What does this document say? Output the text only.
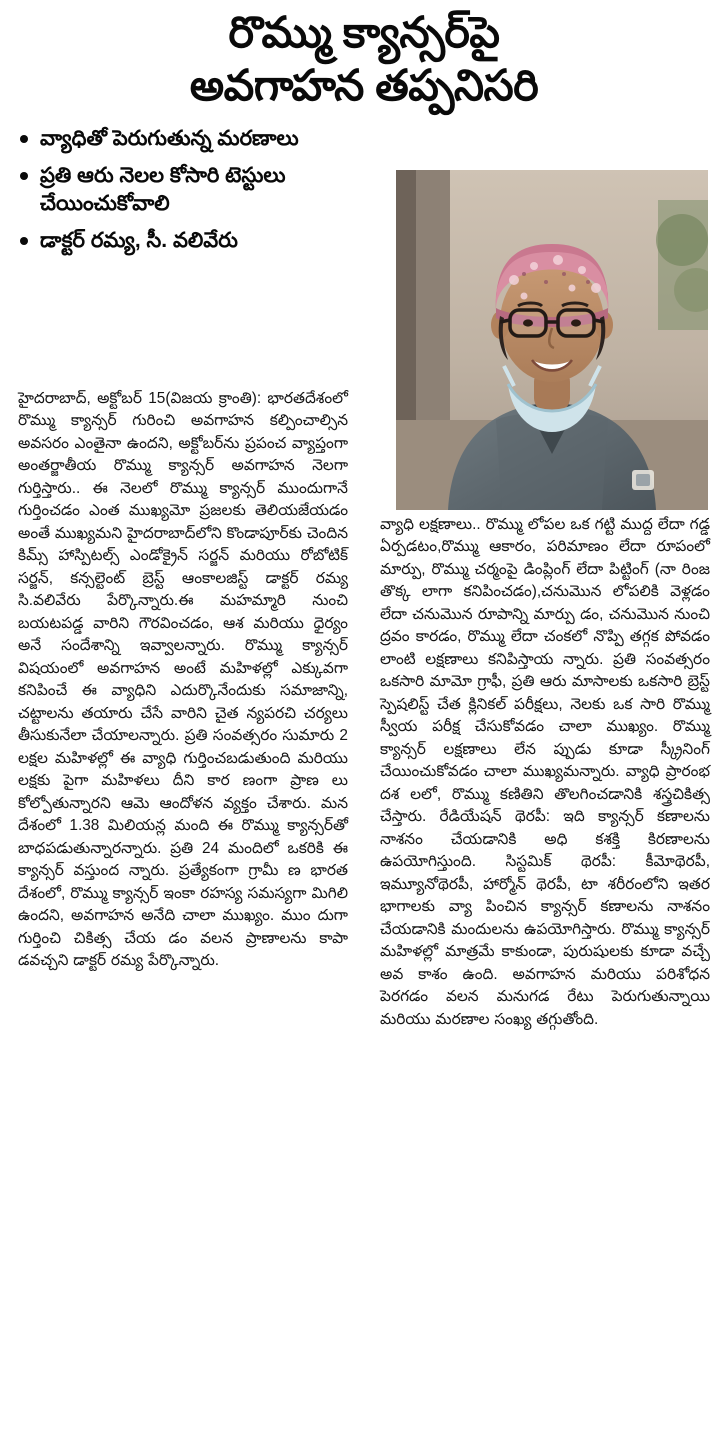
రొమ్ము క్యాన్సర్‌పై
అవగాహన తప్పనిసరి
వ్యాధితో పెరుగుతున్న మరణాలు
ప్రతి ఆరు నెలల కోసారి టెస్టులు చేయించుకోవాలి
డాక్టర్ రమ్య, సీ. వలివేరు

హైదరాబాద్, అక్టోబర్ 15(విజయ క్రాంతి): భారతదేశంలో రొమ్ము క్యాన్సర్ గురించి అవగాహన కల్పించాల్సిన అవసరం ఎంతైనా ఉందని, అక్టోబర్‌ను ప్రపంచ వ్యాప్తంగా అంతర్జాతీయ రొమ్ము క్యాన్సర్ అవగాహన నెలగా గుర్తిస్తారు.. ఈ నెలలో రొమ్ము క్యాన్సర్ ముందుగానే గుర్తించడం ఎంత ముఖ్యమో ప్రజలకు తెలియజేయడం అంతే ముఖ్యమని హైదరాబాద్‌లోని కొండాపూర్‌కు చెందిన కిమ్స్ హాస్పిటల్స్ ఎండోక్రైన్ సర్జన్ మరియు రోబోటిక్ సర్జన్, కన్సల్టెంట్ బ్రెస్ట్ ఆంకాలజిస్ట్ డాక్టర్ రమ్య సి.వలివేరు పేర్కొన్నారు.ఈ మహమ్మారి నుంచి బయటపడ్డ వారిని గౌరవించడం, ఆశ మరియు ధైర్యం అనే సందేశాన్ని ఇవ్వాలన్నారు. రొమ్ము క్యాన్సర్ విషయంలో అవగాహన అంటే మహిళల్లో ఎక్కువగా కనిపించే ఈ వ్యాధిని ఎదుర్కొనేందుకు సమాజాన్ని, చట్టాలను తయారు చేసే వారిని చైత న్యపరచి చర్యలు తీసుకునేలా చేయాలన్నారు. ప్రతి సంవత్సరం సుమారు 2 లక్షల మహిళల్లో ఈ వ్యాధి గుర్తించబడుతుంది మరియు లక్షకు పైగా మహిళలు దీని కార ణంగా ప్రాణ లు కోల్పోతున్నారని ఆమె ఆందోళన వ్యక్తం చేశారు. మన దేశంలో 1.38 మిలియన్ల మంది ఈ రొమ్ము క్యాన్సర్‌తో బాధపడుతున్నారన్నారు. ప్రతి 24 మందిలో ఒకరికి ఈ క్యాన్సర్ వస్తుంద న్నారు. ప్రత్యేకంగా గ్రామీ ణ భారత దేశంలో, రొమ్ము క్యాన్సర్ ఇంకా రహస్య సమస్యగా మిగిలి ఉందని, అవగాహన అనేది చాలా ముఖ్యం. ముం దుగా గుర్తించి చికిత్స చేయ డం వలన ప్రాణాలను కాపా డవచ్చని డాక్టర్ రమ్య పేర్కొన్నారు.

వ్యాధి లక్షణాలు.. రొమ్ము లోపల ఒక గట్టి ముద్ద లేదా గడ్డ ఏర్పడటం,రొమ్ము ఆకారం, పరిమాణం లేదా రూపంలో మార్పు, రొమ్ము చర్మంపై డింప్లింగ్ లేదా పిట్టింగ్ (నా రింజ తొక్క లాగా కనిపించడం),చనుమొన లోపలికి వెళ్లడం లేదా చనుమొన రూపాన్ని మార్పు డం, చనుమొన నుంచి ద్రవం కారడం, రొమ్ము లేదా చంకలో నొప్పి తగ్గక పోవడం లాంటి లక్షణాలు కనిపిస్తాయ న్నారు. ప్రతి సంవత్సరం ఒకసారి మామో గ్రాఫీ, ప్రతి ఆరు మాసాలకు ఒకసారి బ్రెస్ట్ స్పెషలిస్ట్ చేత క్లినికల్ పరీక్షలు, నెలకు ఒక సారి రొమ్ము స్వీయ పరీక్ష చేసుకోవడం చాలా ముఖ్యం. రొమ్ము క్యాన్సర్ లక్షణాలు లేన ప్పుడు కూడా స్క్రీనింగ్ చేయించుకోవడం చాలా ముఖ్యమన్నారు. వ్యాధి ప్రారంభ దశ లలో, రొమ్ము కణితిని తొలగించడానికి శస్త్రచికిత్స చేస్తారు. రేడియేషన్ థెరపీ: ఇది క్యాన్సర్ కణాలను నాశనం చేయడానికి అధి కశక్తి కిరణాలను ఉపయోగిస్తుంది. సిస్టమిక్ థెరపీ: కీమోథెరపీ, ఇమ్యూనోథెరపీ, హార్మోన్ థెరపీ, టా శరీరంలోని ఇతర భాగాలకు వ్యా పించిన క్యాన్సర్ కణాలను నాశనం చేయడానికి మందులను ఉపయోగిస్తారు. రొమ్ము క్యాన్సర్ మహిళల్లో మాత్రమే కాకుండా, పురుషులకు కూడా వచ్చే అవ కాశం ఉంది. అవగాహన మరియు పరిశోధన పెరగడం వలన మనుగడ రేటు పెరుగుతున్నాయి మరియు మరణాల సంఖ్య తగ్గుతోంది.
